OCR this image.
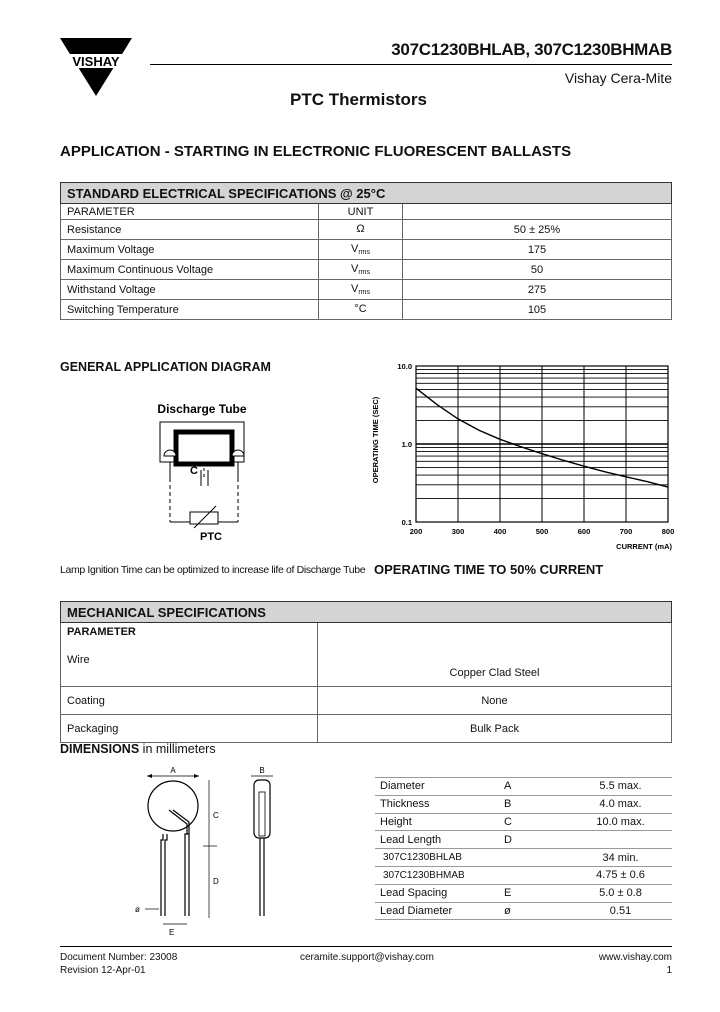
VISHAY
307C1230BHLAB, 307C1230BHMAB
Vishay Cera-Mite
PTC Thermistors
APPLICATION - STARTING IN ELECTRONIC FLUORESCENT BALLASTS
STANDARD ELECTRICAL SPECIFICATIONS @ 25°C		
PARAMETER	UNIT	
Resistance	Ω	50 ± 25%
Maximum Voltage	$V_{rms}$	175
Maximum Continuous Voltage	$V_{rms}$	50
Withstand Voltage	$V_{rms}$	275
Switching Temperature	°C	105
GENERAL APPLICATION DIAGRAM
Discharge Tube
C
PTC
Lamp Ignition Time can be optimized to increase life of Discharge Tube
200	300	400	500	600	700	800
10.0
1.0
0.1
OPERATING TIME (SEC)
CURRENT (mA)
OPERATING TIME TO 50% CURRENT
MECHANICAL SPECIFICATIONS	

PARAMETER
Wire	Copper Clad Steel
Coating	None
Packaging	Bulk Pack
DIMENSIONS in millimeters
A
ø
E
C
D
B
Diameter	A	5.5 max.
Thickness	B	4.0 max.
Height	C	10.0 max.
Lead Length	D	
307C1230BHLAB		34 min.
307C1230BHMAB		4.75 ± 0.6
Lead Spacing	E	5.0 ± 0.8
Lead Diameter	ø	0.51
Document Number: 23008
Revision 12-Apr-01
ceramite.support@vishay.com	www.vishay.com
1
